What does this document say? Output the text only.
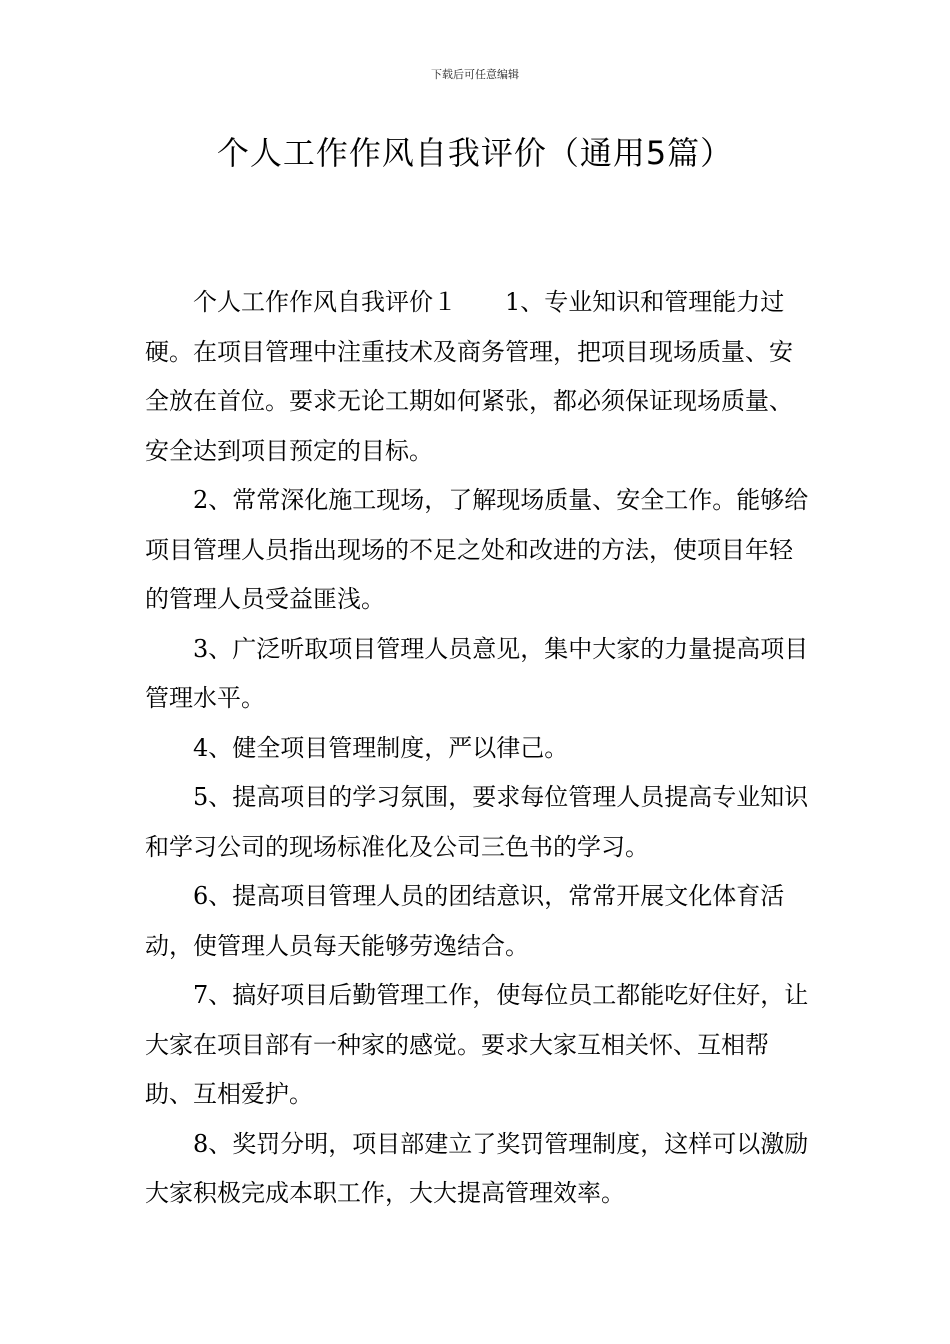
下载后可任意编辑
个人工作作风自我评价（通用5篇）

个人工作作风自我评价１　　1、专业知识和管理能力过硬。在项目管理中注重技术及商务管理，把项目现场质量、安全放在首位。要求无论工期如何紧张，都必须保证现场质量、安全达到项目预定的目标。

2、常常深化施工现场，了解现场质量、安全工作。能够给项目管理人员指出现场的不足之处和改进的方法，使项目年轻的管理人员受益匪浅。

3、广泛听取项目管理人员意见，集中大家的力量提高项目管理水平。

4、健全项目管理制度，严以律己。

5、提高项目的学习氛围，要求每位管理人员提高专业知识和学习公司的现场标准化及公司三色书的学习。

6、提高项目管理人员的团结意识，常常开展文化体育活动，使管理人员每天能够劳逸结合。

7、搞好项目后勤管理工作，使每位员工都能吃好住好，让大家在项目部有一种家的感觉。要求大家互相关怀、互相帮助、互相爱护。

8、奖罚分明，项目部建立了奖罚管理制度，这样可以激励大家积极完成本职工作，大大提高管理效率。
